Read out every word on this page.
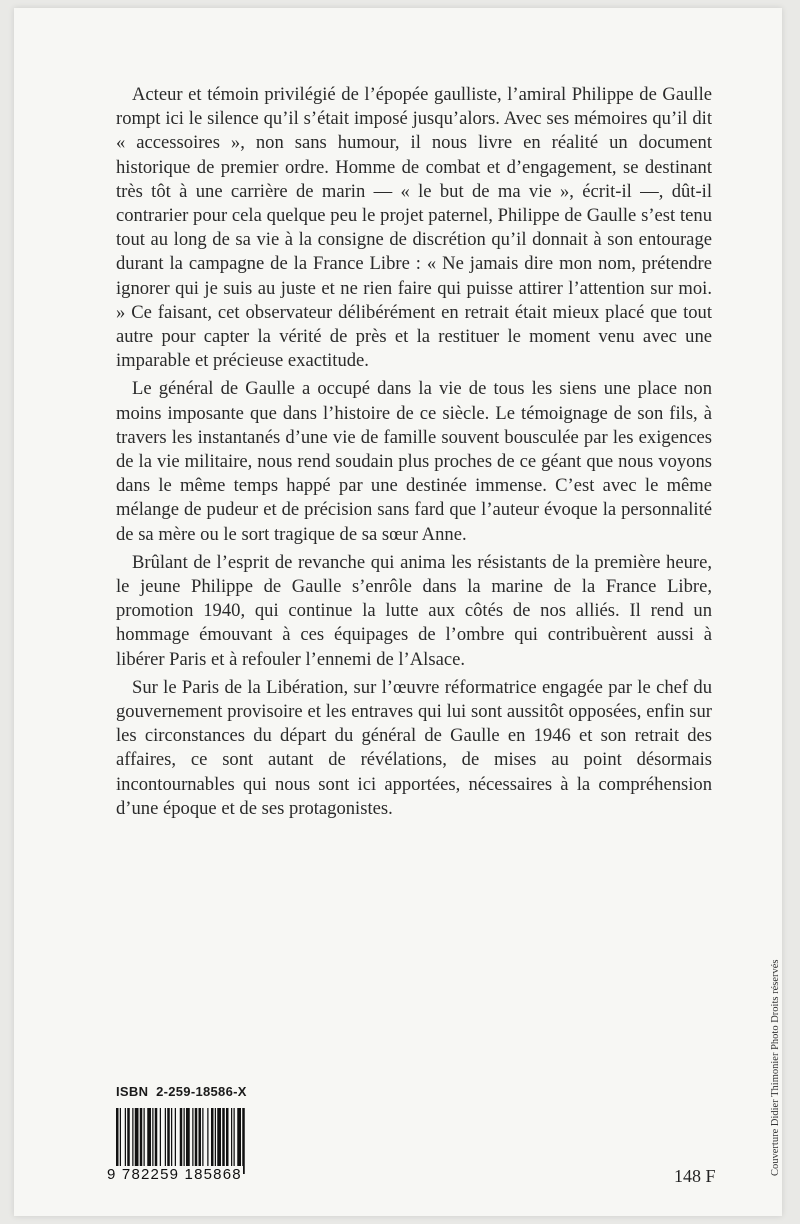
Acteur et témoin privilégié de l’épopée gaulliste, l’amiral Philippe de Gaulle rompt ici le silence qu’il s’était imposé jusqu’alors. Avec ses mémoires qu’il dit « accessoires », non sans humour, il nous livre en réalité un document historique de premier ordre. Homme de combat et d’engagement, se destinant très tôt à une carrière de marin — « le but de ma vie », écrit-il —, dût-il contrarier pour cela quelque peu le projet paternel, Philippe de Gaulle s’est tenu tout au long de sa vie à la consigne de discrétion qu’il donnait à son entourage durant la campagne de la France Libre : « Ne jamais dire mon nom, prétendre ignorer qui je suis au juste et ne rien faire qui puisse attirer l’attention sur moi. » Ce faisant, cet observateur délibérément en retrait était mieux placé que tout autre pour capter la vérité de près et la restituer le moment venu avec une imparable et précieuse exactitude.

Le général de Gaulle a occupé dans la vie de tous les siens une place non moins imposante que dans l’histoire de ce siècle. Le témoignage de son fils, à travers les instantanés d’une vie de famille souvent bousculée par les exigences de la vie militaire, nous rend soudain plus proches de ce géant que nous voyons dans le même temps happé par une destinée immense. C’est avec le même mélange de pudeur et de précision sans fard que l’auteur évoque la personnalité de sa mère ou le sort tragique de sa sœur Anne.

Brûlant de l’esprit de revanche qui anima les résistants de la première heure, le jeune Philippe de Gaulle s’enrôle dans la marine de la France Libre, promotion 1940, qui continue la lutte aux côtés de nos alliés. Il rend un hommage émouvant à ces équipages de l’ombre qui contribuèrent aussi à libérer Paris et à refouler l’ennemi de l’Alsace.

Sur le Paris de la Libération, sur l’œuvre réformatrice engagée par le chef du gouvernement provisoire et les entraves qui lui sont aussitôt opposées, enfin sur les circonstances du départ du général de Gaulle en 1946 et son retrait des affaires, ce sont autant de révélations, de mises au point désormais incontournables qui nous sont ici apportées, nécessaires à la compréhension d’une époque et de ses protagonistes.

ISBN  2-259-18586-X
9 782259 185868	148 F	Couverture Didier Thimonier Photo Droits réservés
